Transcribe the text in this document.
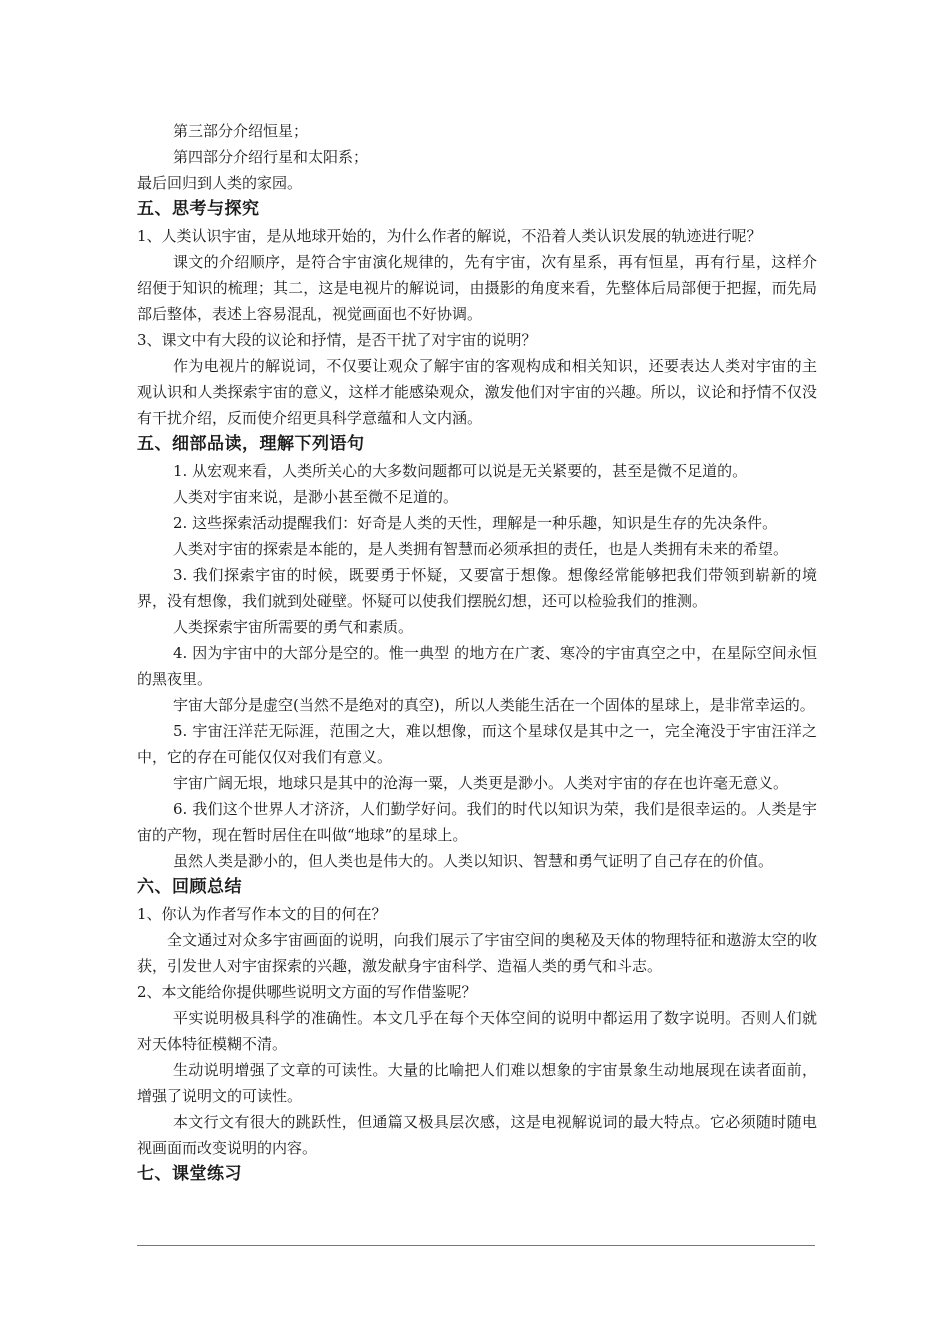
第三部分介绍恒星；

第四部分介绍行星和太阳系；

最后回归到人类的家园。

五、思考与探究

1、人类认识宇宙，是从地球开始的，为什么作者的解说，不沿着人类认识发展的轨迹进行呢？

课文的介绍顺序，是符合宇宙演化规律的，先有宇宙，次有星系，再有恒星，再有行星，这样介绍便于知识的梳理；其二，这是电视片的解说词，由摄影的角度来看，先整体后局部便于把握，而先局部后整体，表述上容易混乱，视觉画面也不好协调。

3、课文中有大段的议论和抒情，是否干扰了对宇宙的说明？

作为电视片的解说词，不仅要让观众了解宇宙的客观构成和相关知识，还要表达人类对宇宙的主观认识和人类探索宇宙的意义，这样才能感染观众，激发他们对宇宙的兴趣。所以，议论和抒情不仅没有干扰介绍，反而使介绍更具科学意蕴和人文内涵。

五、细部品读，理解下列语句

1. 从宏观来看，人类所关心的大多数问题都可以说是无关紧要的，甚至是微不足道的。

人类对宇宙来说，是渺小甚至微不足道的。

2. 这些探索活动提醒我们：好奇是人类的天性，理解是一种乐趣，知识是生存的先决条件。

人类对宇宙的探索是本能的，是人类拥有智慧而必须承担的责任，也是人类拥有未来的希望。

3. 我们探索宇宙的时候，既要勇于怀疑，又要富于想像。想像经常能够把我们带领到崭新的境界，没有想像，我们就到处碰壁。怀疑可以使我们摆脱幻想，还可以检验我们的推测。

人类探索宇宙所需要的勇气和素质。

4. 因为宇宙中的大部分是空的。惟一典型 的地方在广袤、寒冷的宇宙真空之中，在星际空间永恒的黑夜里。

宇宙大部分是虚空(当然不是绝对的真空)，所以人类能生活在一个固体的星球上，是非常幸运的。

5. 宇宙汪洋茫无际涯，范围之大，难以想像，而这个星球仅是其中之一，完全淹没于宇宙汪洋之中，它的存在可能仅仅对我们有意义。

宇宙广阔无垠，地球只是其中的沧海一粟，人类更是渺小。人类对宇宙的存在也许毫无意义。

6. 我们这个世界人才济济，人们勤学好问。我们的时代以知识为荣，我们是很幸运的。人类是宇宙的产物，现在暂时居住在叫做“地球”的星球上。

虽然人类是渺小的，但人类也是伟大的。人类以知识、智慧和勇气证明了自己存在的价值。

六、回顾总结

1、你认为作者写作本文的目的何在？

全文通过对众多宇宙画面的说明，向我们展示了宇宙空间的奥秘及天体的物理特征和遨游太空的收获，引发世人对宇宙探索的兴趣，激发献身宇宙科学、造福人类的勇气和斗志。

2、本文能给你提供哪些说明文方面的写作借鉴呢？

平实说明极具科学的准确性。本文几乎在每个天体空间的说明中都运用了数字说明。否则人们就对天体特征模糊不清。

生动说明增强了文章的可读性。大量的比喻把人们难以想象的宇宙景象生动地展现在读者面前，增强了说明文的可读性。

本文行文有很大的跳跃性，但通篇又极具层次感，这是电视解说词的最大特点。它必须随时随电视画面而改变说明的内容。

七、课堂练习
